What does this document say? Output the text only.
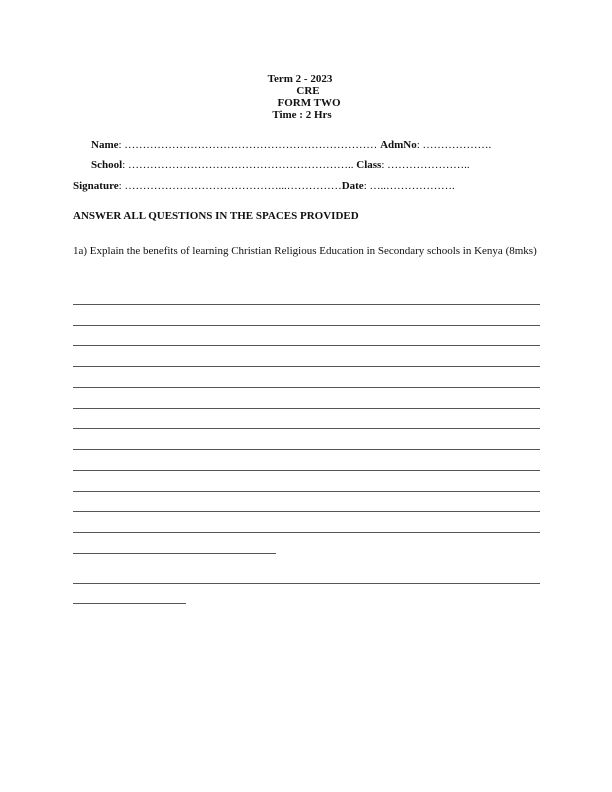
Term 2 - 2023
CRE
FORM TWO
Time : 2 Hrs
Name: …………………………………………………………… AdmNo: ……………….
School: …………………………………………………….. Class: …………………..
Signature: ……………………………………...……………Date: …..……………….
ANSWER ALL QUESTIONS IN THE SPACES PROVIDED
1a) Explain the benefits of learning Christian Religious Education in Secondary schools in Kenya (8mks)
